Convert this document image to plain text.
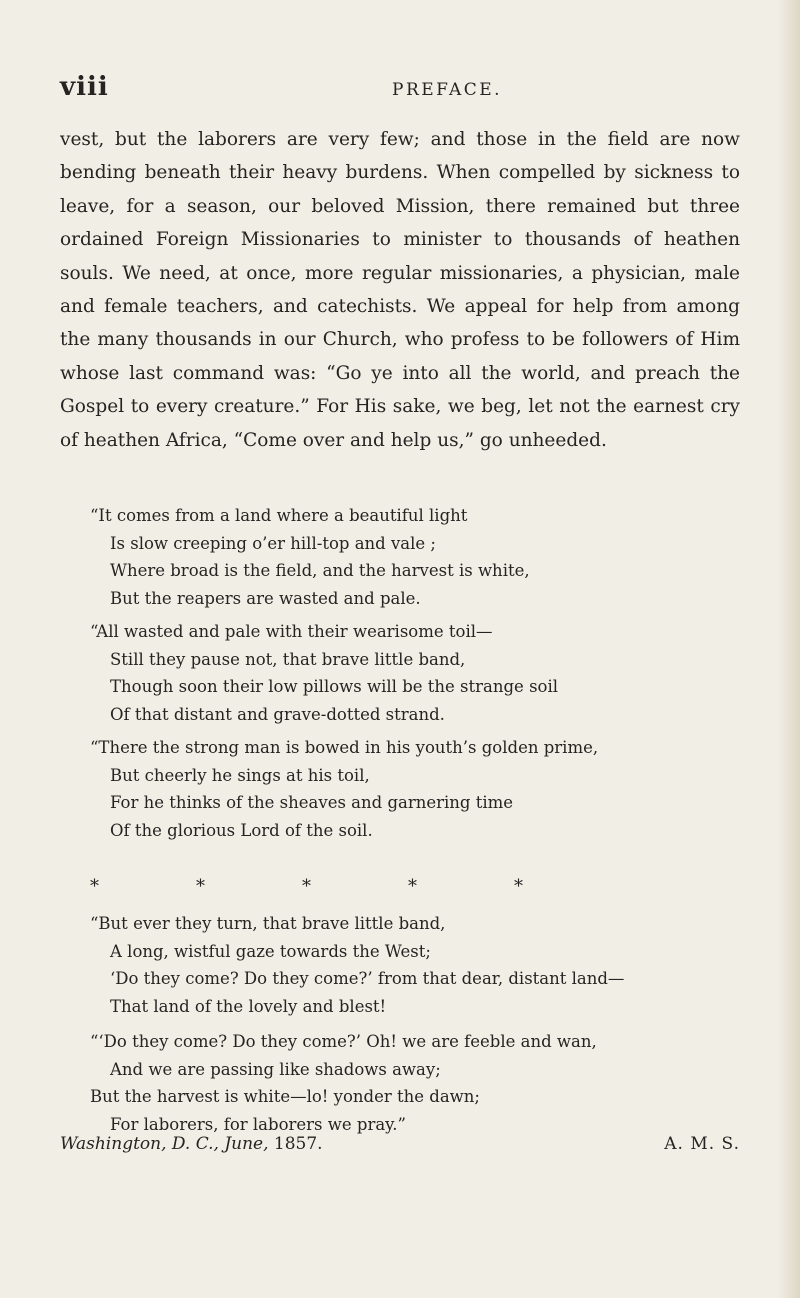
viii	PREFACE.

vest, but the laborers are very few; and those in the field are now bending beneath their heavy burdens. When compelled by sickness to leave, for a season, our beloved Mission, there remained but three ordained Foreign Missionaries to minister to thousands of heathen souls. We need, at once, more regular missionaries, a physician, male and female teachers, and catechists. We appeal for help from among the many thousands in our Church, who profess to be followers of Him whose last command was: “Go ye into all the world, and preach the Gospel to every creature.” For His sake, we beg, let not the earnest cry of heathen Africa, “Come over and help us,” go unheeded.

“It comes from a land where a beautiful light
Is slow creeping o’er hill-top and vale ;
Where broad is the field, and the harvest is white,
But the reapers are wasted and pale.
“All wasted and pale with their wearisome toil—
Still they pause not, that brave little band,
Though soon their low pillows will be the strange soil
Of that distant and grave-dotted strand.
“There the strong man is bowed in his youth’s golden prime,
But cheerly he sings at his toil,
For he thinks of the sheaves and garnering time
Of the glorious Lord of the soil.
*	*	*	*	*
“But ever they turn, that brave little band,
A long, wistful gaze towards the West;
‘Do they come? Do they come?’ from that dear, distant land—
That land of the lovely and blest!
“‘Do they come? Do they come?’ Oh! we are feeble and wan,
And we are passing like shadows away;
But the harvest is white—lo! yonder the dawn;
For laborers, for laborers we pray.”
Washington, D. C., June, 1857.	A. M. S.
